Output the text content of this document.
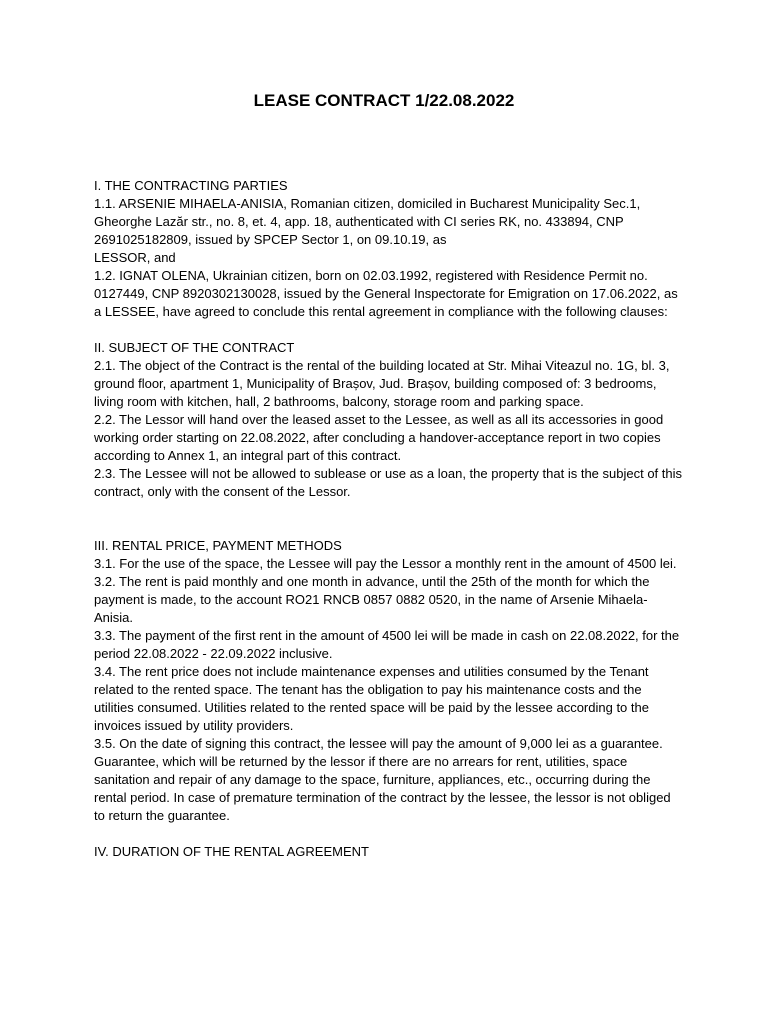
LEASE CONTRACT 1/22.08.2022
I. THE CONTRACTING PARTIES
1.1. ARSENIE MIHAELA-ANISIA, Romanian citizen, domiciled in Bucharest Municipality Sec.1, Gheorghe Lazăr str., no. 8, et. 4, app. 18, authenticated with CI series RK, no. 433894, CNP 2691025182809, issued by SPCEP Sector 1, on 09.10.19, as
LESSOR, and
1.2. IGNAT OLENA, Ukrainian citizen, born on 02.03.1992, registered with Residence Permit no. 0127449, CNP 8920302130028, issued by the General Inspectorate for Emigration on 17.06.2022, as a LESSEE, have agreed to conclude this rental agreement in compliance with the following clauses:
II. SUBJECT OF THE CONTRACT
2.1. The object of the Contract is the rental of the building located at Str. Mihai Viteazul no. 1G, bl. 3, ground floor, apartment 1, Municipality of Brașov, Jud. Brașov, building composed of: 3 bedrooms, living room with kitchen, hall, 2 bathrooms, balcony, storage room and parking space.
2.2. The Lessor will hand over the leased asset to the Lessee, as well as all its accessories in good working order starting on 22.08.2022, after concluding a handover-acceptance report in two copies according to Annex 1, an integral part of this contract.
2.3. The Lessee will not be allowed to sublease or use as a loan, the property that is the subject of this contract, only with the consent of the Lessor.
III. RENTAL PRICE, PAYMENT METHODS
3.1. For the use of the space, the Lessee will pay the Lessor a monthly rent in the amount of 4500 lei.
3.2. The rent is paid monthly and one month in advance, until the 25th of the month for which the payment is made, to the account RO21 RNCB 0857 0882 0520, in the name of Arsenie Mihaela-Anisia.
3.3. The payment of the first rent in the amount of 4500 lei will be made in cash on 22.08.2022, for the period 22.08.2022 - 22.09.2022 inclusive.
3.4. The rent price does not include maintenance expenses and utilities consumed by the Tenant related to the rented space. The tenant has the obligation to pay his maintenance costs and the utilities consumed. Utilities related to the rented space will be paid by the lessee according to the invoices issued by utility providers.
3.5. On the date of signing this contract, the lessee will pay the amount of 9,000 lei as a guarantee. Guarantee, which will be returned by the lessor if there are no arrears for rent, utilities, space sanitation and repair of any damage to the space, furniture, appliances, etc., occurring during the rental period. In case of premature termination of the contract by the lessee, the lessor is not obliged to return the guarantee.
IV. DURATION OF THE RENTAL AGREEMENT
